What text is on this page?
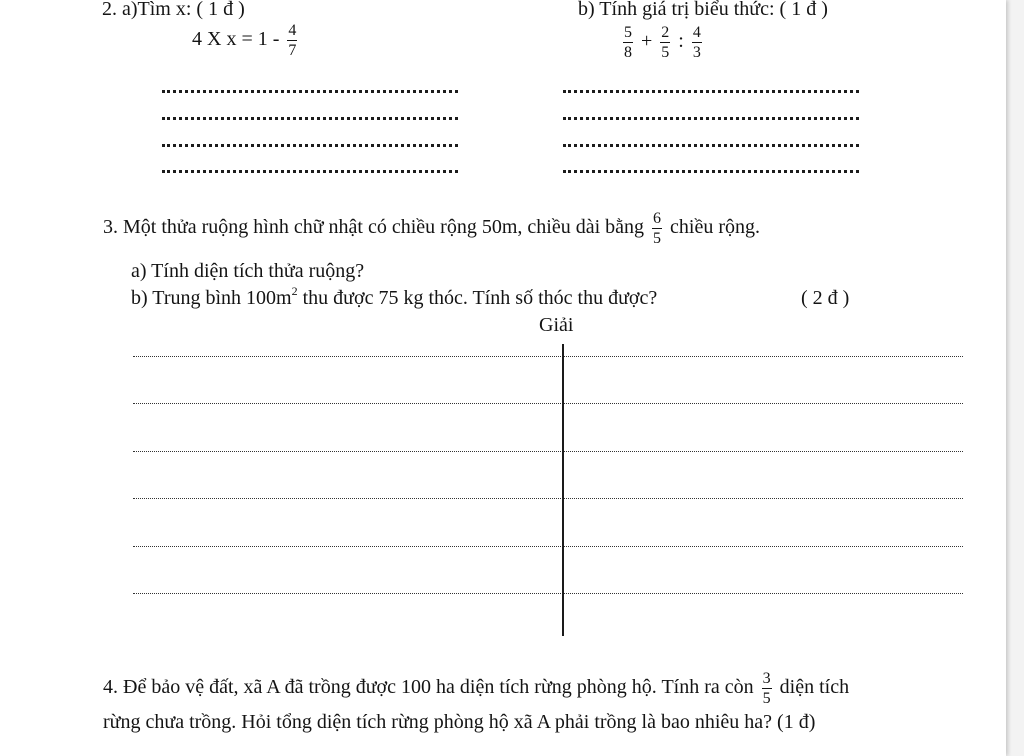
2. a)Tìm x: ( 1 đ )
4 X $x = 1 - \frac{4}{7}$
b) Tính giá trị biểu thức: ( 1 đ )
$\frac{5}{8} + \frac{2}{5}$ : $\frac{4}{3}$
3. Một thửa ruộng hình chữ nhật có chiều rộng 50m, chiều dài bằng $\frac{6}{5}$ chiều rộng.
a) Tính diện tích thửa ruộng?
b) Trung bình $100m^2$ thu được 75 kg thóc. Tính số thóc thu được?	( 2 đ )
Giải
4. Để bảo vệ đất, xã A đã trồng được 100 ha diện tích rừng phòng hộ. Tính ra còn $\frac{3}{5}$ diện tích
rừng chưa trồng. Hỏi tổng diện tích rừng phòng hộ xã A phải trồng là bao nhiêu ha? (1 đ)
